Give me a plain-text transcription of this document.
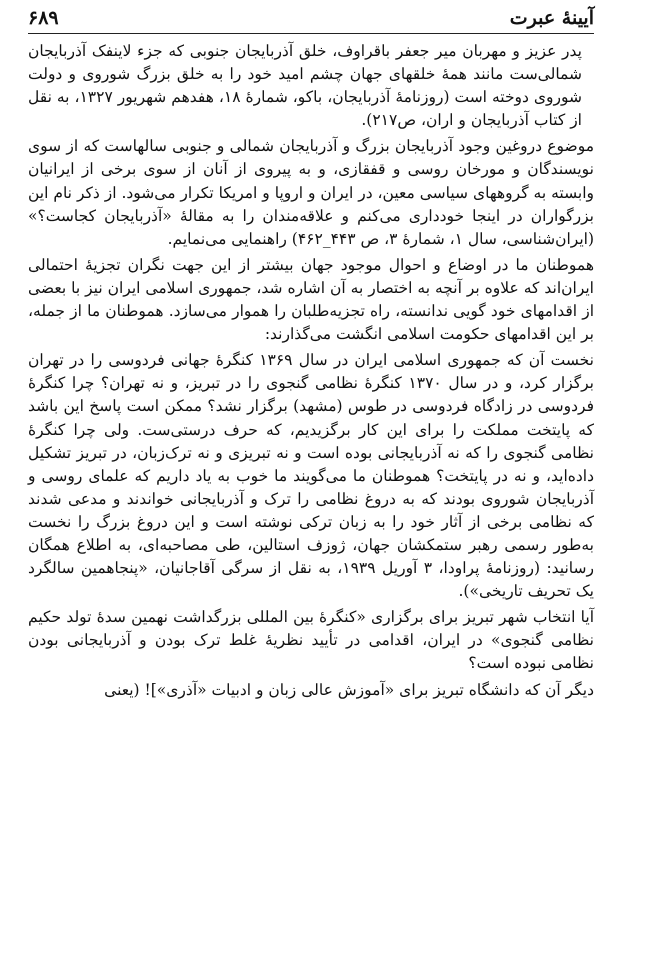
آیینهٔ عبرت
۶۸۹

پدر عزیز و مهربان میر جعفر باقراوف، خلق آذربایجان جنوبی که جزء لاینفک آذربایجان شمالی‌ست مانند همهٔ خلقهای جهان چشم امید خود را به خلق بزرگ شوروی و دولت شوروی دوخته است (روزنامهٔ آذربایجان، باکو، شمارهٔ ۱۸، هفدهم شهریور ۱۳۲۷، به نقل از کتاب آذربایجان و اران، ص۲۱۷).

موضوع دروغین وجود آذربایجان بزرگ و آذربایجان شمالی و جنوبی سالهاست که از سوی نویسندگان و مورخان روسی و قفقازی، و به پیروی از آنان از سوی برخی از ایرانیان وابسته به گروههای سیاسی معین، در ایران و اروپا و امریکا تکرار می‌شود. از ذکر نام این بزرگواران در اینجا خودداری می‌کنم و علاقه‌مندان را به مقالهٔ «آذربایجان کجاست؟» (ایران‌شناسی، سال ۱، شمارهٔ ۳، ص ۴۴۳_۴۶۲) راهنمایی می‌نمایم.

هموطنان ما در اوضاع و احوال موجود جهان بیشتر از این جهت نگران تجزیهٔ احتمالی ایران‌اند که علاوه بر آنچه به اختصار به آن اشاره شد، جمهوری اسلامی ایران نیز با بعضی از اقدامهای خود گویی ندانسته، راه تجزیه‌طلبان را هموار می‌سازد. هموطنان ما از جمله، بر این اقدامهای حکومت اسلامی انگشت می‌گذارند:

نخست آن که جمهوری اسلامی ایران در سال ۱۳۶۹ کنگرهٔ جهانی فردوسی را در تهران برگزار کرد، و در سال ۱۳۷۰ کنگرهٔ نظامی گنجوی را در تبریز، و نه تهران؟ چرا کنگرهٔ فردوسی در زادگاه فردوسی در طوس (مشهد) برگزار نشد؟ ممکن است پاسخ این باشد که پایتخت مملکت را برای این کار برگزیدیم، که حرف درستی‌ست. ولی چرا کنگرهٔ نظامی گنجوی را که نه آذربایجانی بوده است و نه تبریزی و نه ترک‌زبان، در تبریز تشکیل داده‌اید، و نه در پایتخت؟ هموطنان ما می‌گویند ما خوب به یاد داریم که علمای روسی و آذربایجان شوروی بودند که به دروغ نظامی را ترک و آذربایجانی خواندند و مدعی شدند که نظامی برخی از آثار خود را به زبان ترکی نوشته است و این دروغ بزرگ را نخست به‌طور رسمی رهبر ستمکشان جهان، ژوزف استالین، طی مصاحبه‌ای، به اطلاع همگان رسانید: (روزنامهٔ پراودا، ۳ آوریل ۱۹۳۹، به نقل از سرگی آقاجانیان، «پنجاهمین سالگرد یک تحریف تاریخی»).

آیا انتخاب شهر تبریز برای برگزاری «کنگرهٔ بین المللی بزرگداشت نهمین سدهٔ تولد حکیم نظامی گنجوی» در ایران، اقدامی در تأیید نظریهٔ غلط ترک بودن و آذربایجانی بودن نظامی نبوده است؟

دیگر آن که دانشگاه تبریز برای «آموزش عالی زبان و ادبیات «آذری»]! (یعنی
